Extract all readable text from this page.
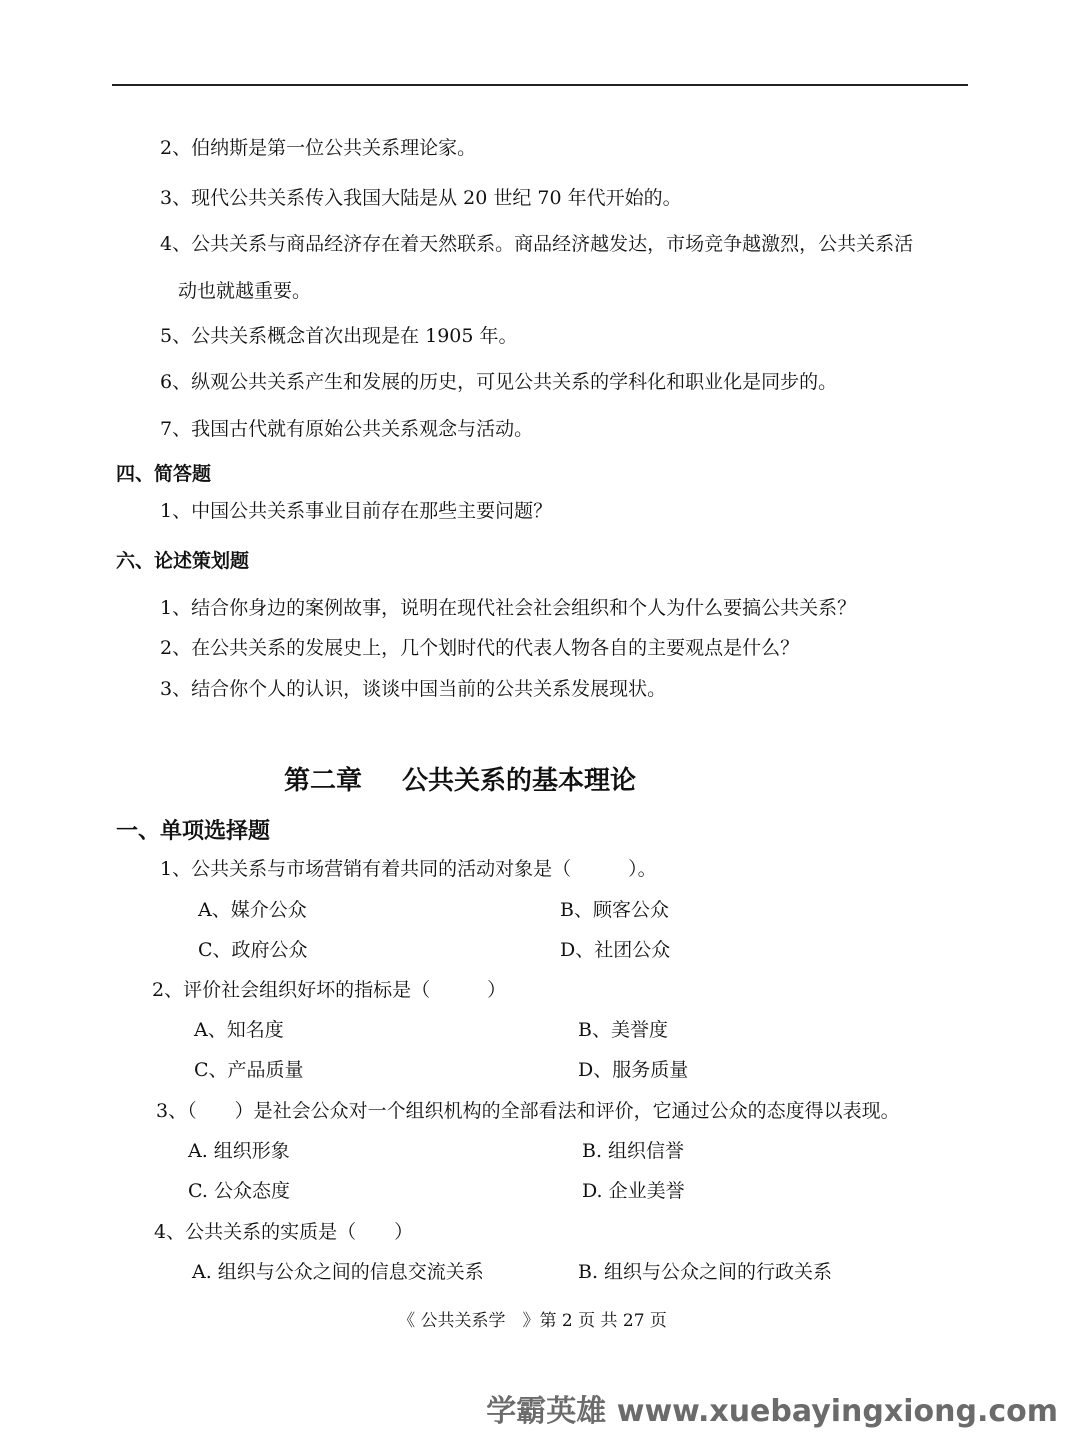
2、伯纳斯是第一位公共关系理论家。
3、现代公共关系传入我国大陆是从 20 世纪 70 年代开始的。
4、公共关系与商品经济存在着天然联系。商品经济越发达，市场竞争越激烈，公共关系活
动也就越重要。
5、公共关系概念首次出现是在 1905 年。
6、纵观公共关系产生和发展的历史，可见公共关系的学科化和职业化是同步的。
7、我国古代就有原始公共关系观念与活动。
四、简答题
1、中国公共关系事业目前存在那些主要问题？
六、论述策划题
1、结合你身边的案例故事，说明在现代社会社会组织和个人为什么要搞公共关系？
2、在公共关系的发展史上，几个划时代的代表人物各自的主要观点是什么？
3、结合你个人的认识，谈谈中国当前的公共关系发展现状。
第二章 公共关系的基本理论
一、单项选择题
1、公共关系与市场营销有着共同的活动对象是（　　　）。
A、媒介公众	B、顾客公众
C、政府公众	D、社团公众
2、评价社会组织好坏的指标是（　　　）
A、知名度	B、美誉度
C、产品质量	D、服务质量
3、（　　）是社会公众对一个组织机构的全部看法和评价，它通过公众的态度得以表现。
A. 组织形象	B. 组织信誉
C. 公众态度	D. 企业美誉
4、公共关系的实质是（　　）
A. 组织与公众之间的信息交流关系	B. 组织与公众之间的行政关系
《 公共关系学　》第 2 页 共 27 页
学霸英雄 www.xuebayingxiong.com
